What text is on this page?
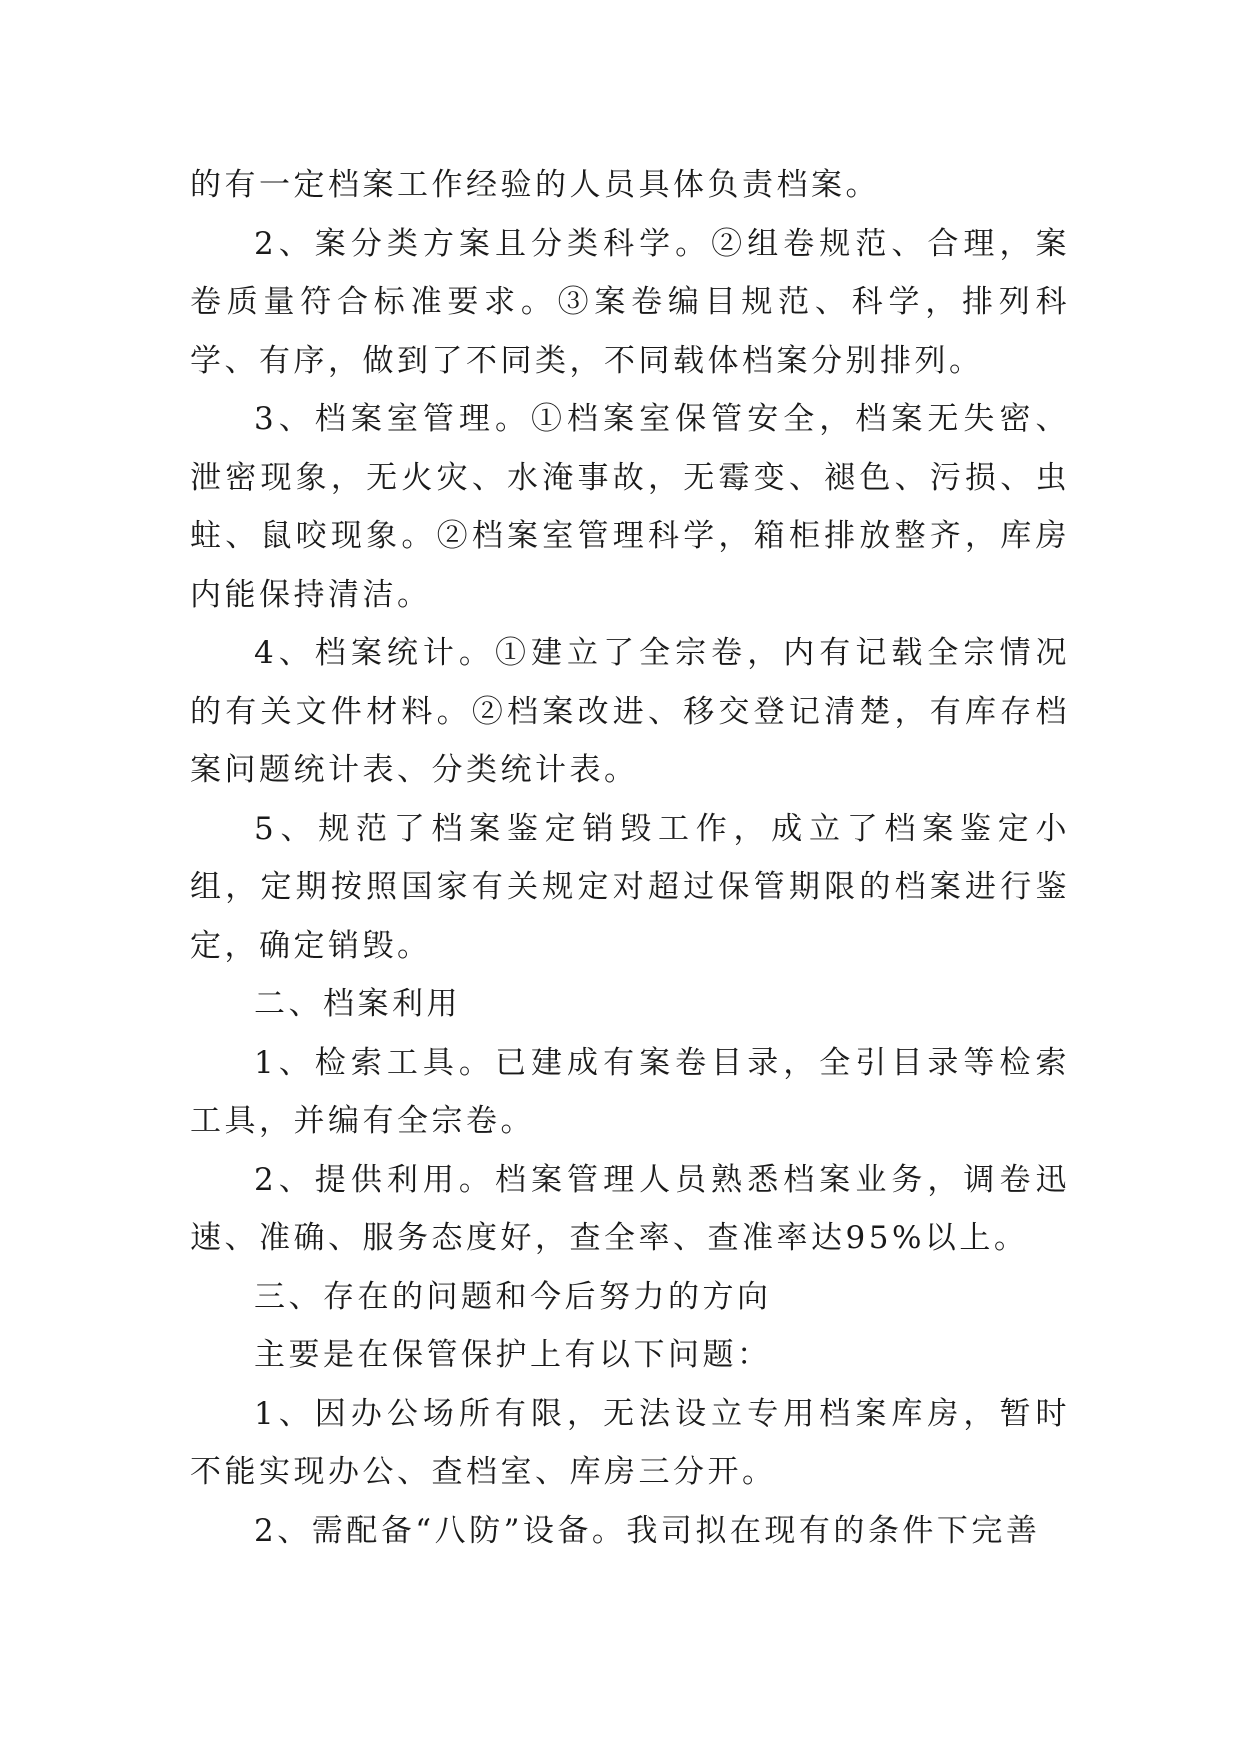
的有一定档案工作经验的人员具体负责档案。

2、案分类方案且分类科学。②组卷规范、合理，案卷质量符合标准要求。③案卷编目规范、科学，排列科学、有序，做到了不同类，不同载体档案分别排列。

3、档案室管理。①档案室保管安全，档案无失密、泄密现象，无火灾、水淹事故，无霉变、褪色、污损、虫蛀、鼠咬现象。②档案室管理科学，箱柜排放整齐，库房内能保持清洁。

4、档案统计。①建立了全宗卷，内有记载全宗情况的有关文件材料。②档案改进、移交登记清楚，有库存档案问题统计表、分类统计表。

5、规范了档案鉴定销毁工作，成立了档案鉴定小组，定期按照国家有关规定对超过保管期限的档案进行鉴定，确定销毁。

二、档案利用

1、检索工具。已建成有案卷目录，全引目录等检索工具，并编有全宗卷。

2、提供利用。档案管理人员熟悉档案业务，调卷迅速、准确、服务态度好，查全率、查准率达95%以上。

三、存在的问题和今后努力的方向

主要是在保管保护上有以下问题：

1、因办公场所有限，无法设立专用档案库房，暂时不能实现办公、查档室、库房三分开。

2、需配备“八防”设备。我司拟在现有的条件下完善
